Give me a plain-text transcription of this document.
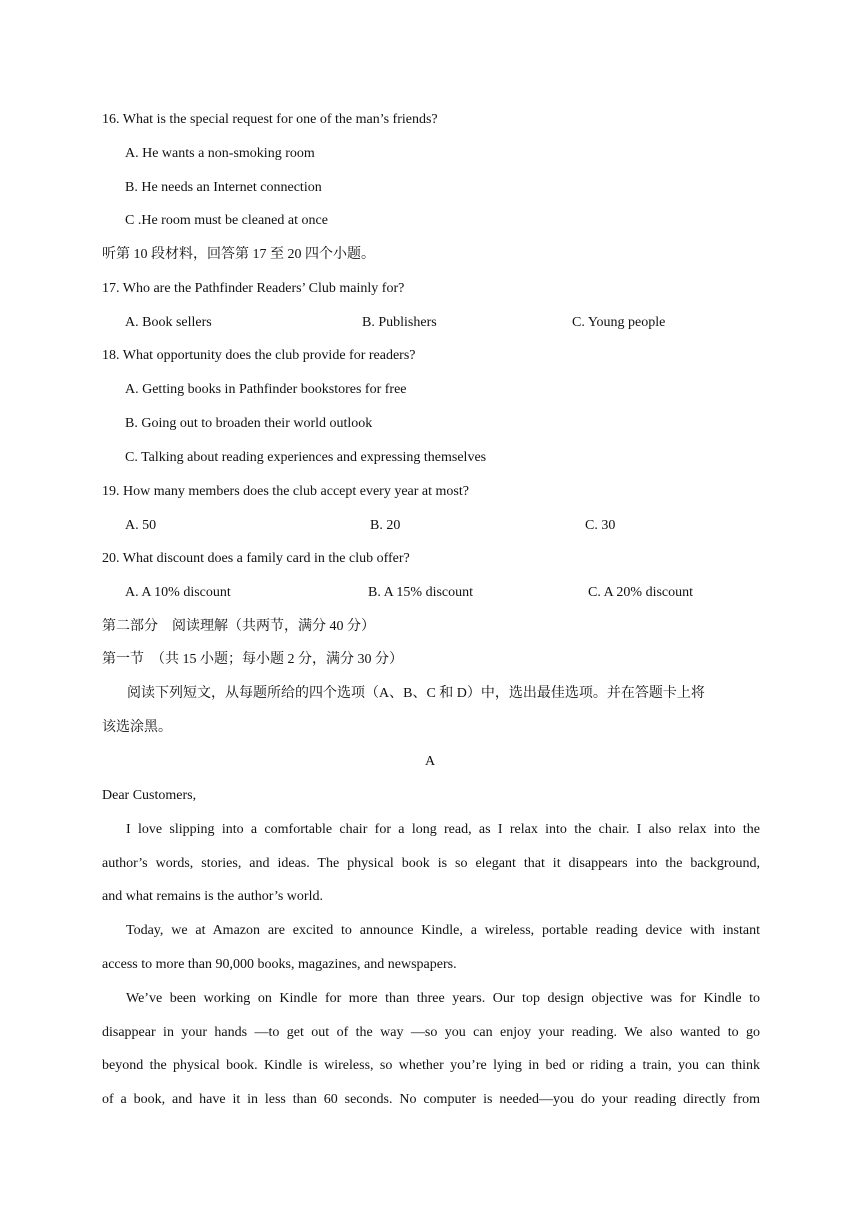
16. What is the special request for one of the man’s friends?
A. He wants a non-smoking room
B. He needs an Internet connection
C .He room must be cleaned at once
听第 10 段材料，回答第 17 至 20 四个小题。
17. Who are the Pathfinder Readers’ Club mainly for?
A. Book sellers	B. Publishers	C. Young people
18. What opportunity does the club provide for readers?
A. Getting books in Pathfinder bookstores for free
B. Going out to broaden their world outlook
C. Talking about reading experiences and expressing themselves
19. How many members does the club accept every year at most?
A. 50	B. 20	C. 30
20. What discount does a family card in the club offer?
A. A 10% discount	B. A 15% discount	C. A 20% discount
第二部分　阅读理解（共两节，满分 40 分）
第一节　（共 15 小题；每小题 2 分，满分 30 分）
阅读下列短文，从每题所给的四个选项（A、B、C 和 D）中，选出最佳选项。并在答题卡上将
该选涂黑。
A
Dear Customers,
I love slipping into a comfortable chair for a long read, as I relax into the chair. I also relax into the
author’s words, stories, and ideas. The physical book is so elegant that it disappears into the background,
and what remains is the author’s world.
Today, we at Amazon are excited to announce Kindle, a wireless, portable reading device with instant
access to more than 90,000 books, magazines, and newspapers.
We’ve been working on Kindle for more than three years. Our top design objective was for Kindle to
disappear in your hands —to get out of the way —so you can enjoy your reading. We also wanted to go
beyond the physical book. Kindle is wireless, so whether you’re lying in bed or riding a train, you can think
of a book, and have it in less than 60 seconds. No computer is needed—you do your reading directly from
